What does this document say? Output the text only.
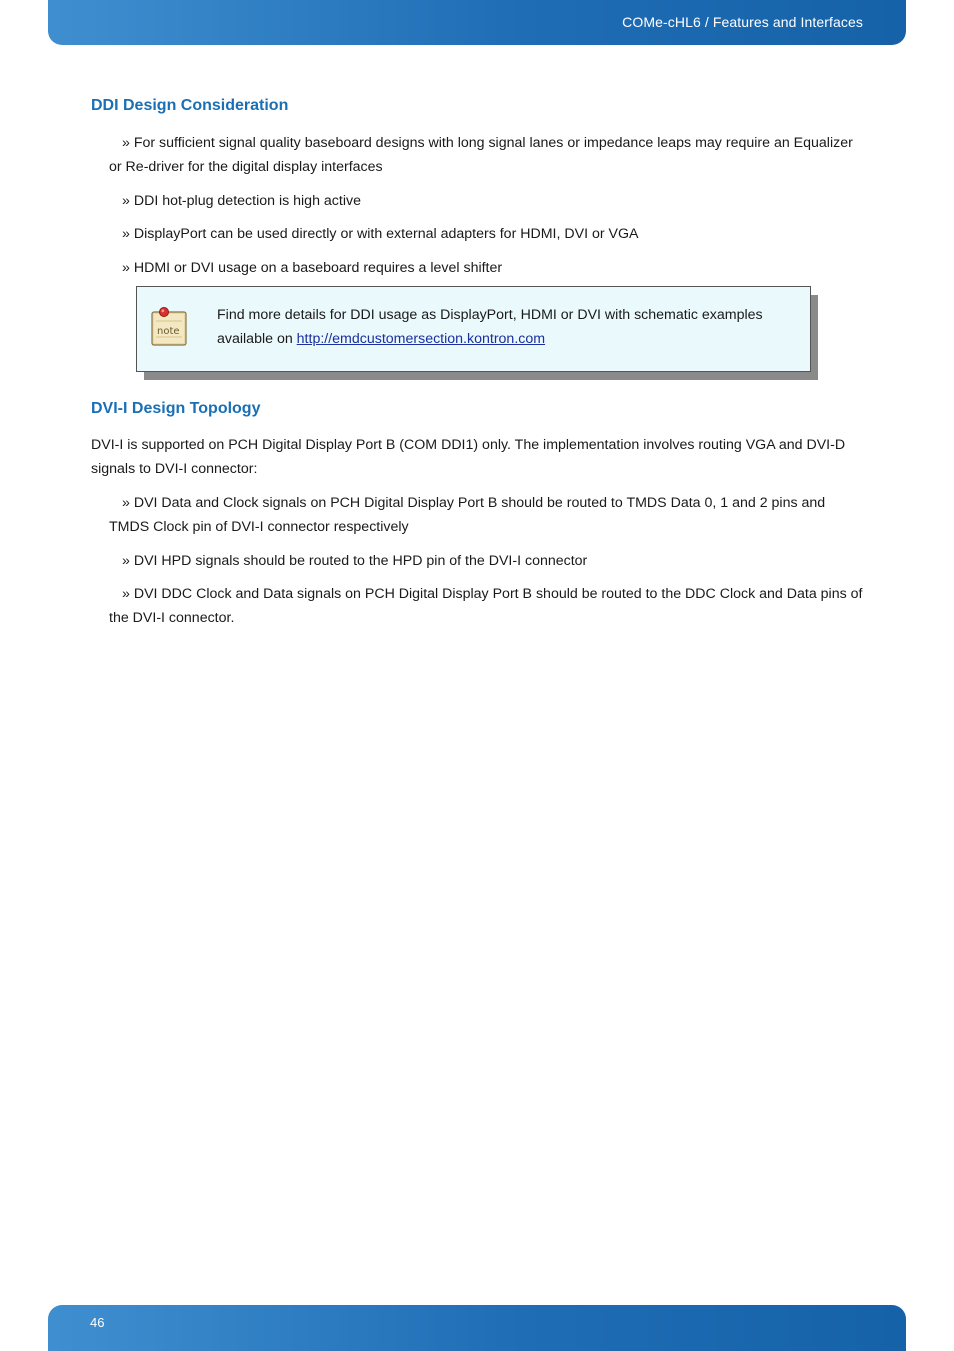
COMe-cHL6 / Features and Interfaces
DDI Design Consideration

» For sufficient signal quality baseboard designs with long signal lanes or impedance leaps may require an Equalizer or Re-driver for the digital display interfaces

» DDI hot-plug detection is high active

» DisplayPort can be used directly or with external adapters for HDMI, DVI or VGA

» HDMI or DVI usage on a baseboard requires a level shifter

note

Find more details for DDI usage as DisplayPort, HDMI or DVI with schematic examples available on http://emdcustomersection.kontron.com

DVI-I Design Topology

DVI-I is supported on PCH Digital Display Port B (COM DDI1) only. The implementation involves routing VGA and DVI-D signals to DVI-I connector:

» DVI Data and Clock signals on PCH Digital Display Port B should be routed to TMDS Data 0, 1 and 2 pins and TMDS Clock pin of DVI-I connector respectively

» DVI HPD signals should be routed to the HPD pin of the DVI-I connector

» DVI DDC Clock and Data signals on PCH Digital Display Port B should be routed to the DDC Clock and Data pins of the DVI-I connector.

46
